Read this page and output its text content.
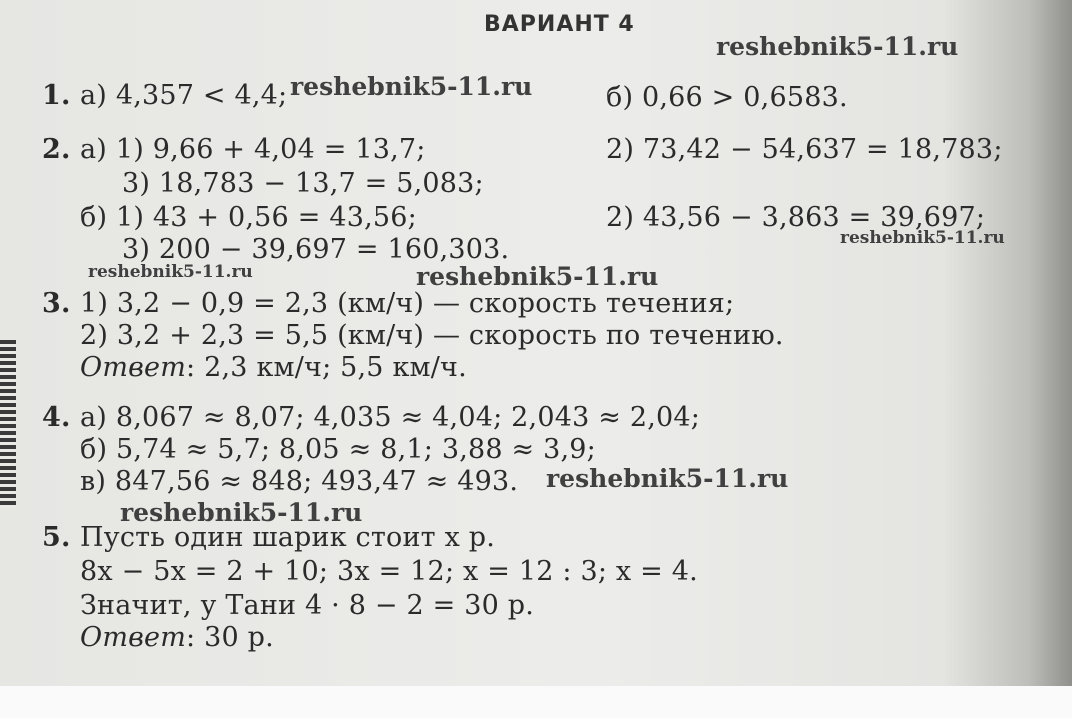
ВАРИАНТ 4
1. а) 4,357 < 4,4;	б) 0,66 > 0,6583.
2. а) 1) 9,66 + 4,04 = 13,7;	2) 73,42 − 54,637 = 18,783;
3) 18,783 − 13,7 = 5,083;
б) 1) 43 + 0,56 = 43,56;	2) 43,56 − 3,863 = 39,697;
3) 200 − 39,697 = 160,303.
3. 1) 3,2 − 0,9 = 2,3 (км/ч) — скорость течения;
2) 3,2 + 2,3 = 5,5 (км/ч) — скорость по течению.
Ответ: 2,3 км/ч; 5,5 км/ч.
4. а) 8,067 ≈ 8,07; 4,035 ≈ 4,04; 2,043 ≈ 2,04;
б) 5,74 ≈ 5,7; 8,05 ≈ 8,1; 3,88 ≈ 3,9;
в) 847,56 ≈ 848; 493,47 ≈ 493.
5. Пусть один шарик стоит x р.
8x − 5x = 2 + 10; 3x = 12; x = 12 : 3; x = 4.
Значит, у Тани 4 · 8 − 2 = 30 р.
Ответ: 30 р.
reshebnik5-11.ru
reshebnik5-11.ru
reshebnik5-11.ru
reshebnik5-11.ru	reshebnik5-11.ru
reshebnik5-11.ru
reshebnik5-11.ru
